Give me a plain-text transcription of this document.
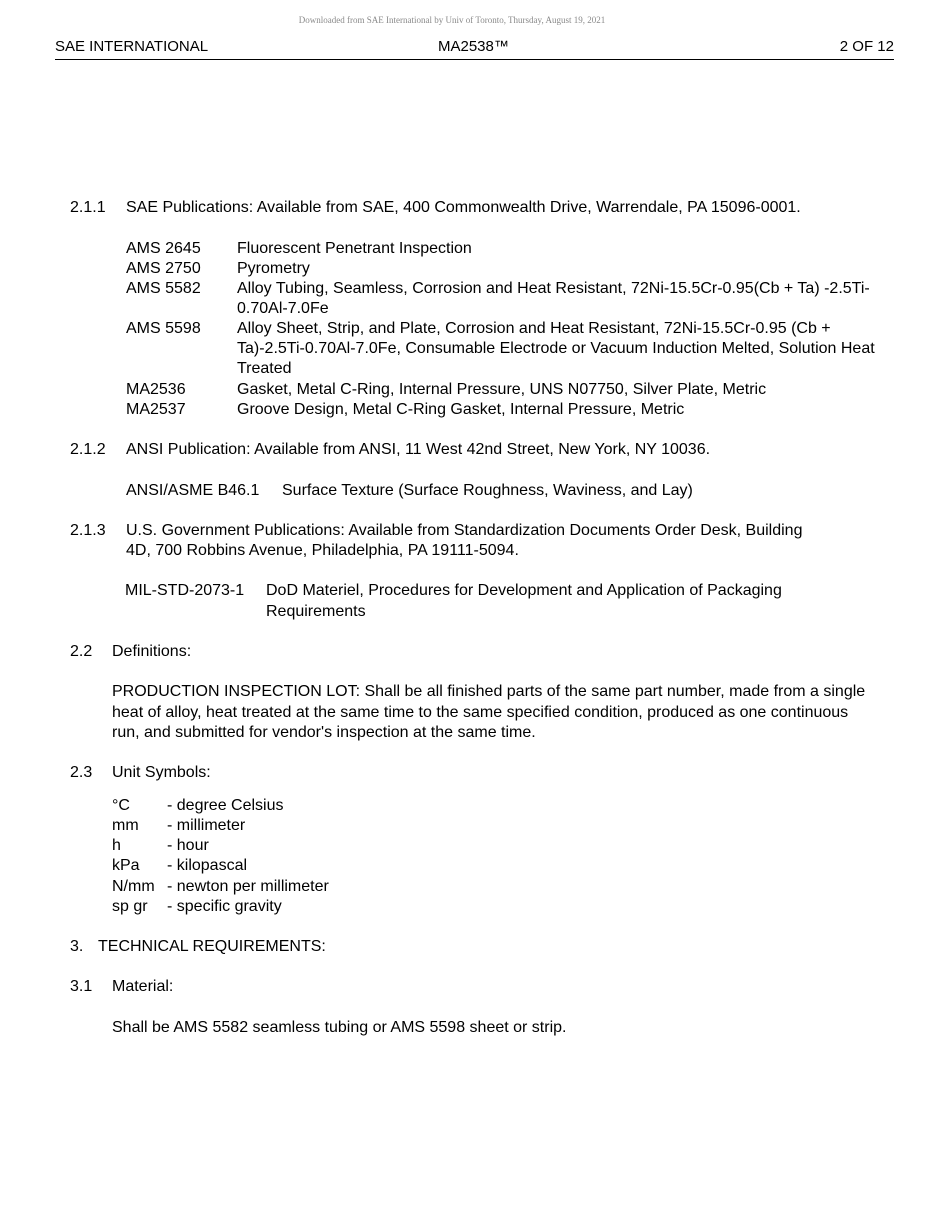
Downloaded from SAE International by Univ of Toronto, Thursday, August 19, 2021
SAE INTERNATIONAL	MA2538™	2 OF 12
2.1.1 SAE Publications: Available from SAE, 400 Commonwealth Drive, Warrendale, PA 15096-0001.
AMS 2645 Fluorescent Penetrant Inspection
AMS 2750 Pyrometry
AMS 5582 Alloy Tubing, Seamless, Corrosion and Heat Resistant, 72Ni-15.5Cr-0.95(Cb + Ta) -2.5Ti-0.70Al-7.0Fe
AMS 5598 Alloy Sheet, Strip, and Plate, Corrosion and Heat Resistant, 72Ni-15.5Cr-0.95 (Cb + Ta)-2.5Ti-0.70Al-7.0Fe, Consumable Electrode or Vacuum Induction Melted, Solution Heat Treated
MA2536	Gasket, Metal C-Ring, Internal Pressure, UNS N07750, Silver Plate, Metric
MA2537	Groove Design, Metal C-Ring Gasket, Internal Pressure, Metric
2.1.2 ANSI Publication: Available from ANSI, 11 West 42nd Street, New York, NY 10036.
ANSI/ASME B46.1 Surface Texture (Surface Roughness, Waviness, and Lay)
2.1.3 U.S. Government Publications: Available from Standardization Documents Order Desk, Building
4D, 700 Robbins Avenue, Philadelphia, PA 19111-5094.
MIL-STD-2073-1 DoD Materiel, Procedures for Development and Application of Packaging
Requirements
2.2 Definitions:
PRODUCTION INSPECTION LOT: Shall be all finished parts of the same part number, made from a single heat of alloy, heat treated at the same time to the same specified condition, produced as one continuous run, and submitted for vendor's inspection at the same time.
2.3 Unit Symbols:
°C - degree Celsius
mm - millimeter
h	- hour
kPa - kilopascal
N/mm - newton per millimeter
sp gr - specific gravity
3. TECHNICAL REQUIREMENTS:
3.1 Material:
Shall be AMS 5582 seamless tubing or AMS 5598 sheet or strip.
